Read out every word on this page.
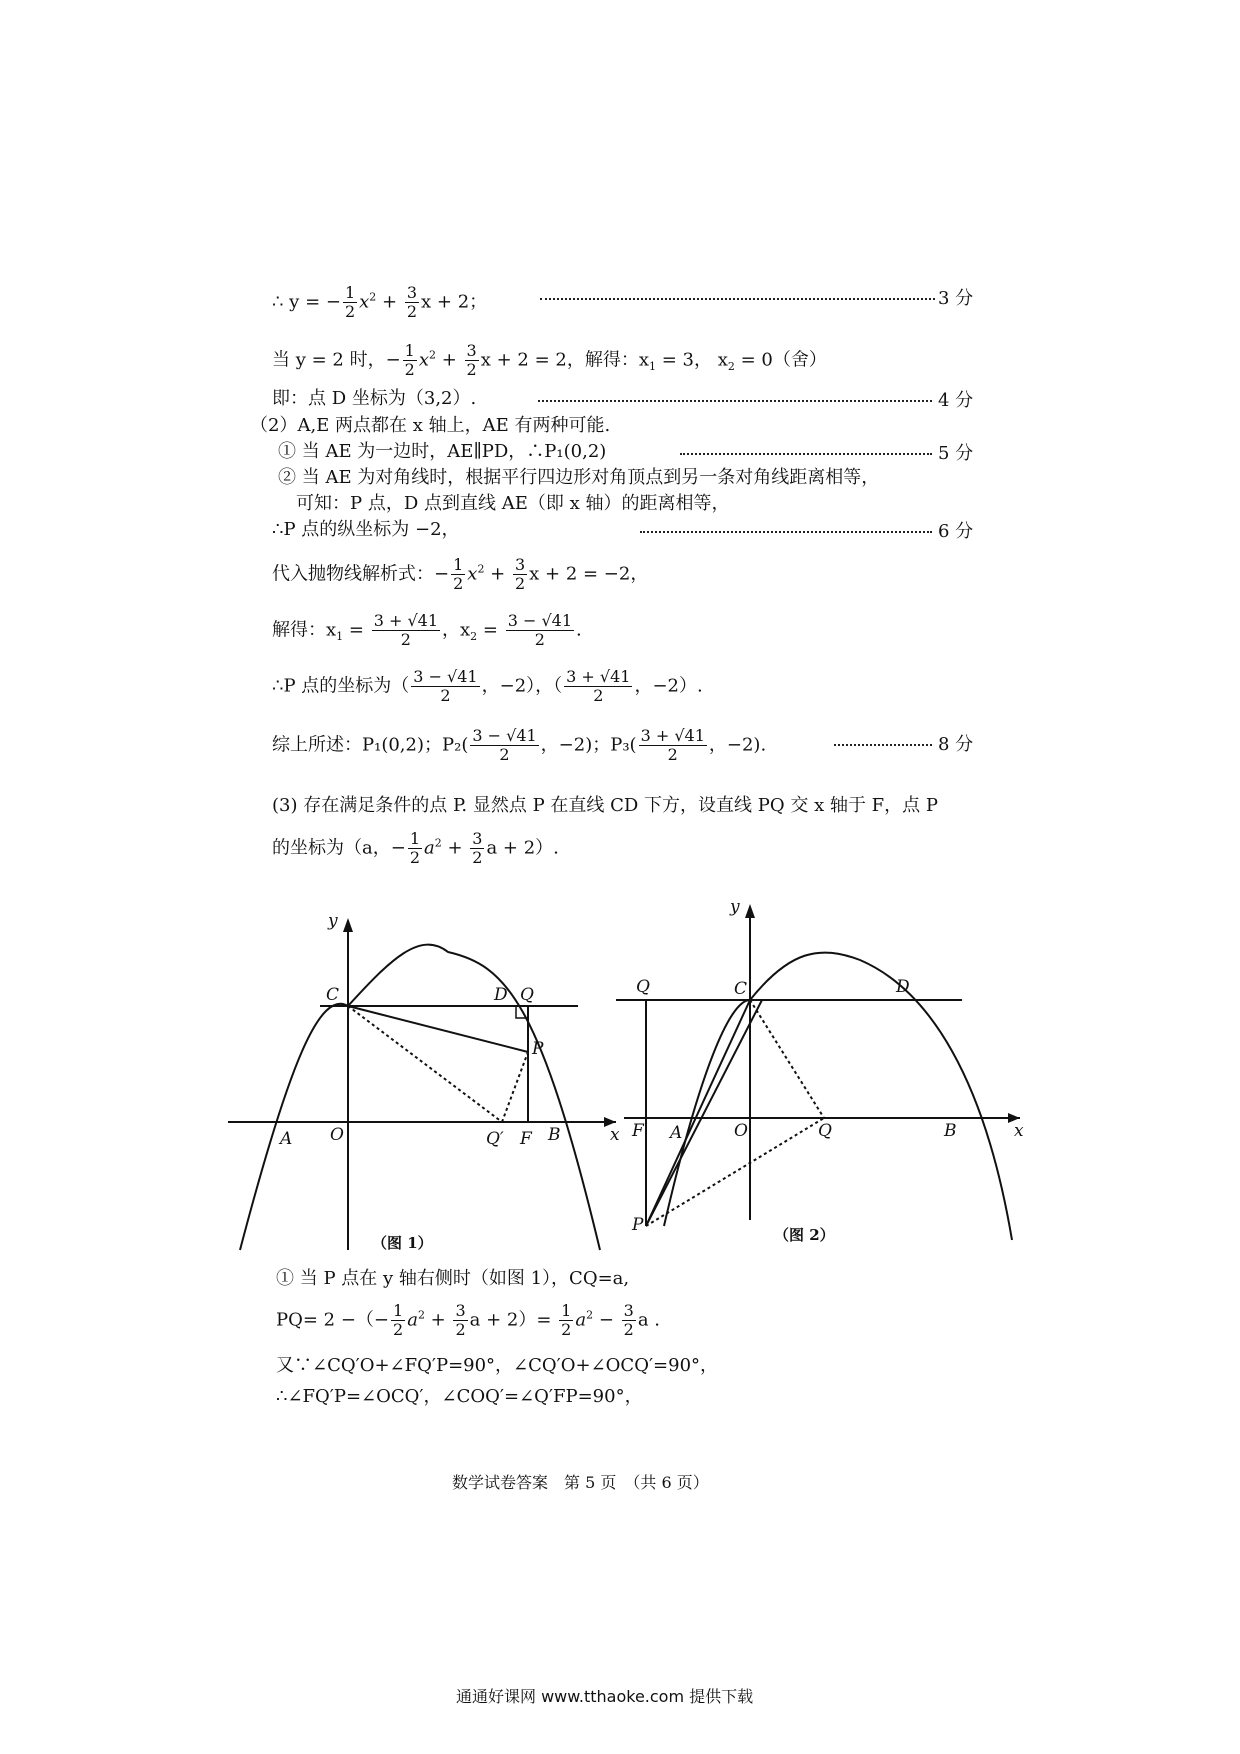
∴ y = − $\frac{1}{2} x^2 + \frac{3}{2}$ x + 2；	3 分
当 y = 2 时，− $\frac{1}{2} x^2 + \frac{3}{2}$ x + 2 = 2，解得：$x_1 = 3$， $x_2 = 0$（舍）
即：点 D 坐标为（3,2）.	4 分
（2）A,E 两点都在 x 轴上，AE 有两种可能.
① 当 AE 为一边时，AE∥PD，∴P₁(0,2)	5 分
② 当 AE 为对角线时，根据平行四边形对角顶点到另一条对角线距离相等，
可知：P 点，D 点到直线 AE（即 x 轴）的距离相等，
∴P 点的纵坐标为 −2，	6 分
代入抛物线解析式：− $\frac{1}{2} x^2 + \frac{3}{2}$ x + 2 = −2，
解得：$x_1 = \frac{3 + √41}{2}$ ，$x_2 = \frac{3 - √41}{2}$ .
∴P 点的坐标为（ $\frac{3 - √41}{2}$ ，−2），（ $\frac{3 + √41}{2}$ ，−2）.
综上所述：P₁(0,2)；$P_2( \frac{3 - √41}{2}$ ，−2)；$P_3( \frac{3 + √41}{2}$ ，−2).	8 分
(3) 存在满足条件的点 P. 显然点 P 在直线 CD 下方，设直线 PQ 交 x 轴于 F，点 P
的坐标为（a，− $\frac{1}{2} a^2 + \frac{3}{2}$ a + 2）.
y
x
C	D Q
P
A O	Q′ F B
（图 1）
y
x
Q	C	D
F A	O	Q	B
P	（图 2）
① 当 P 点在 y 轴右侧时（如图 1），CQ=a,
PQ= 2 −（− $\frac{1}{2} a^2 + \frac{3}{2}$ $a + 2)= \frac{1}{2} a^2 - \frac{3}{2}$ a .
又∵∠CQ′O+∠FQ′P=90°，∠CQ′O+∠OCQ′=90°，
∴∠FQ′P=∠OCQ′，∠COQ′=∠Q′FP=90°，
数学试卷答案　第 5 页　（共 6 页）
通通好课网 www.tthaoke.com 提供下载
